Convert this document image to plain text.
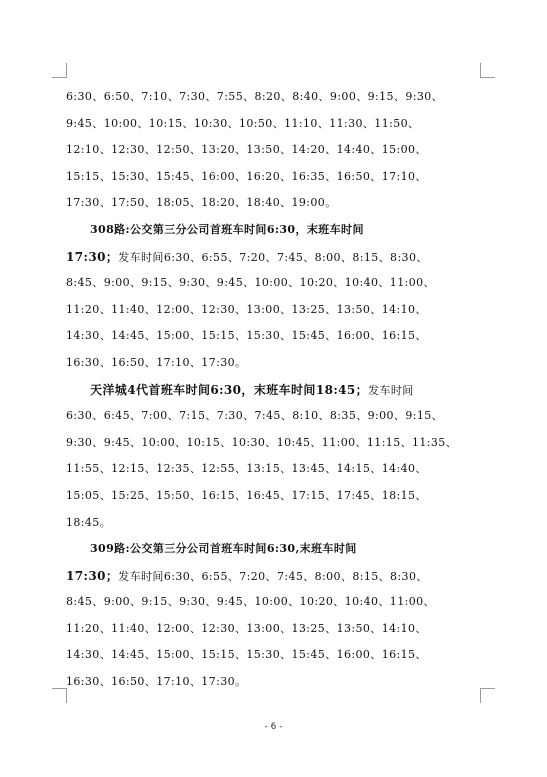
6:30、6:50、7:10、7:30、7:55、8:20、8:40、9:00、9:15、9:30、
9:45、10:00、10:15、10:30、10:50、11:10、11:30、11:50、
12:10、12:30、12:50、13:20、13:50、14:20、14:40、15:00、
15:15、15:30、15:45、16:00、16:20、16:35、16:50、17:10、
17:30、17:50、18:05、18:20、18:40、19:00。
308路:公交第三分公司首班车时间6:30，末班车时间
17:30；发车时间6:30、6:55、7:20、7:45、8:00、8:15、8:30、
8:45、9:00、9:15、9:30、9:45、10:00、10:20、10:40、11:00、
11:20、11:40、12:00、12:30、13:00、13:25、13:50、14:10、
14:30、14:45、15:00、15:15、15:30、15:45、16:00、16:15、
16:30、16:50、17:10、17:30。
天洋城4代首班车时间6:30，末班车时间18:45；发车时间
6:30、6:45、7:00、7:15、7:30、7:45、8:10、8:35、9:00、9:15、
9:30、9:45、10:00、10:15、10:30、10:45、11:00、11:15、11:35、
11:55、12:15、12:35、12:55、13:15、13:45、14:15、14:40、
15:05、15:25、15:50、16:15、16:45、17:15、17:45、18:15、
18:45。
309路:公交第三分公司首班车时间6:30,末班车时间
17:30；发车时间6:30、6:55、7:20、7:45、8:00、8:15、8:30、
8:45、9:00、9:15、9:30、9:45、10:00、10:20、10:40、11:00、
11:20、11:40、12:00、12:30、13:00、13:25、13:50、14:10、
14:30、14:45、15:00、15:15、15:30、15:45、16:00、16:15、
16:30、16:50、17:10、17:30。
- 6 -
